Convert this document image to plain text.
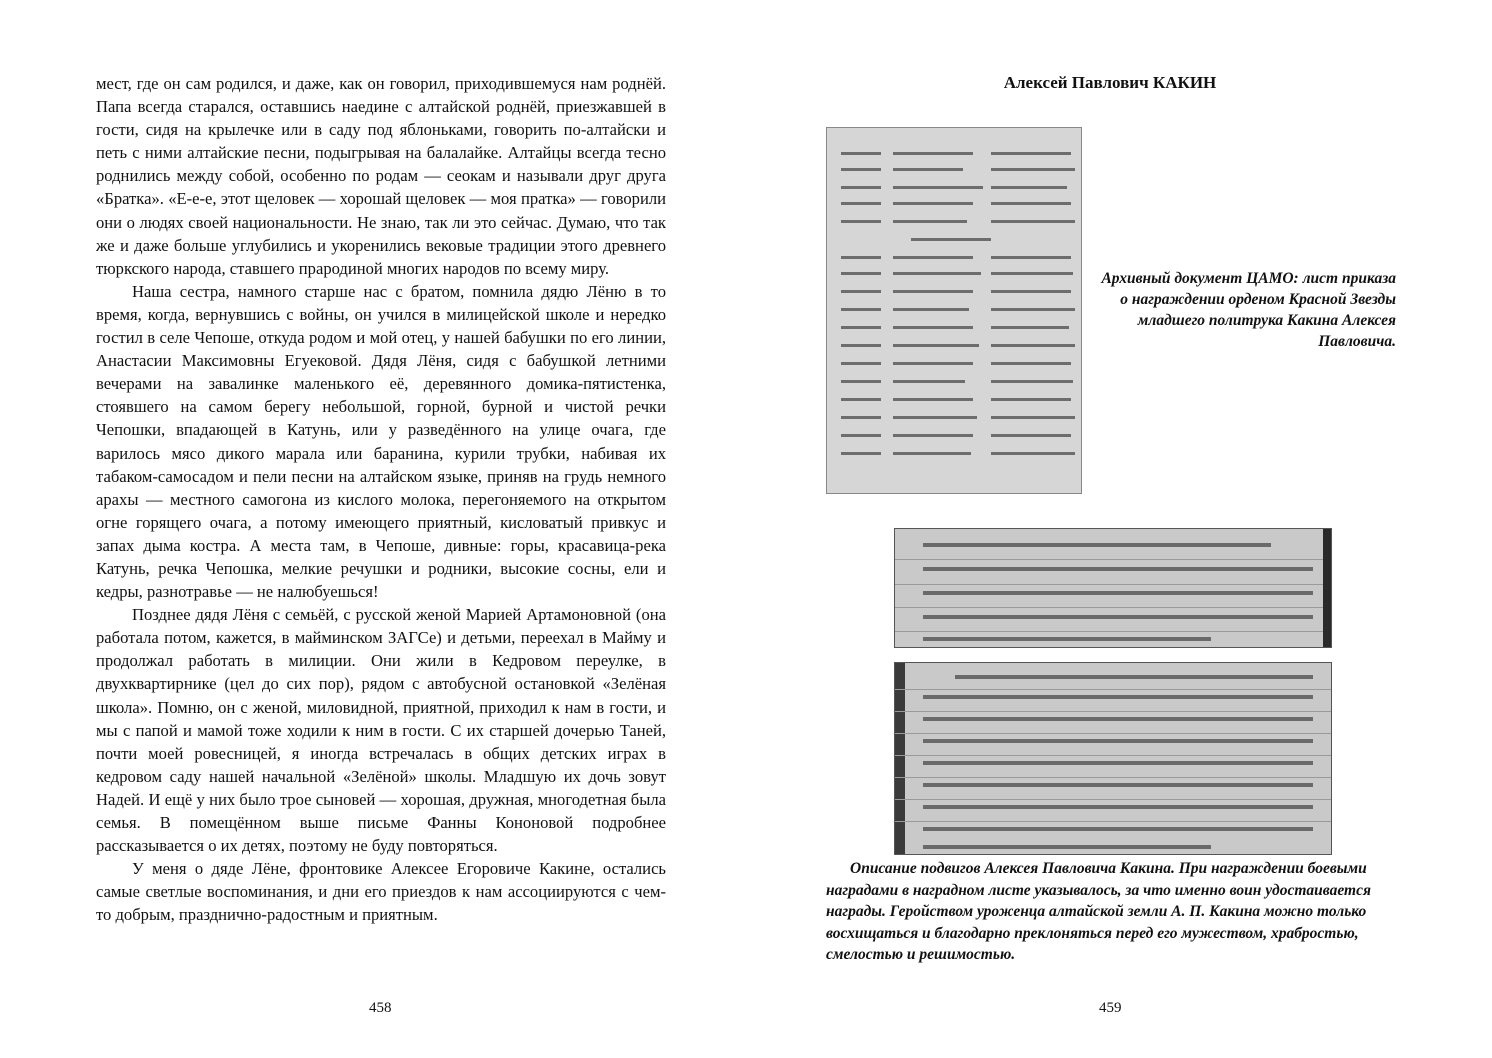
мест, где он сам родился, и даже, как он говорил, приходившемуся нам роднёй. Папа всегда старался, оставшись наедине с алтайской роднёй, приезжавшей в гости, сидя на крылечке или в саду под яблоньками, говорить по-алтайски и петь с ними алтайские песни, подыгрывая на балалайке. Алтайцы всегда тесно роднились между собой, особенно по родам — сеокам и называли друг друга «Братка». «Е-е-е, этот щеловек — хорошай щеловек — моя пратка» — говорили они о людях своей национальности. Не знаю, так ли это сейчас. Думаю, что так же и даже больше углубились и укоренились вековые традиции этого древнего тюркского народа, ставшего прародиной многих народов по всему миру.

Наша сестра, намного старше нас с братом, помнила дядю Лёню в то время, когда, вернувшись с войны, он учился в милицейской школе и нередко гостил в селе Чепоше, откуда родом и мой отец, у нашей бабушки по его линии, Анастасии Максимовны Егуековой. Дядя Лёня, сидя с бабушкой летними вечерами на завалинке маленького её, деревянного домика-пятистенка, стоявшего на самом берегу небольшой, горной, бурной и чистой речки Чепошки, впадающей в Катунь, или у разведённого на улице очага, где варилось мясо дикого марала или баранина, курили трубки, набивая их табаком-самосадом и пели песни на алтайском языке, приняв на грудь немного араxы — местного самогона из кислого молока, перегоняемого на открытом огне горящего очага, а потому имеющего приятный, кисловатый привкус и запах дыма костра. А места там, в Чепоше, дивные: горы, красавица-река Катунь, речка Чепошка, мелкие речушки и родники, высокие сосны, ели и кедры, разнотравье — не налюбуешься!

Позднее дядя Лёня с семьёй, с русской женой Марией Артамоновной (она работала потом, кажется, в майминском ЗАГСе) и детьми, переехал в Майму и продолжал работать в милиции. Они жили в Кедровом переулке, в двухквартирнике (цел до сих пор), рядом с автобусной остановкой «Зелёная школа». Помню, он с женой, миловидной, приятной, приходил к нам в гости, и мы с папой и мамой тоже ходили к ним в гости. С их старшей дочерью Таней, почти моей ровесницей, я иногда встречалась в общих детских играх в кедровом саду нашей начальной «Зелёной» школы. Младшую их дочь зовут Надей. И ещё у них было трое сыновей — хорошая, дружная, многодетная была семья. В помещённом выше письме Фанны Кононовой подробнее рассказывается о их детях, поэтому не буду повторяться.

У меня о дяде Лёне, фронтовике Алексее Егоровиче Какине, остались самые светлые воспоминания, и дни его приездов к нам ассоциируются с чем-то добрым, празднично-радостным и приятным.

458
Алексей Павлович КАКИН
Архивный документ ЦАМО: лист приказа о награждении орденом Красной Звезды младшего политрука Какина Алексея Павловича.
Описание подвигов Алексея Павловича Какина. При награждении боевыми наградами в наградном листе указывалось, за что именно воин удостаивается награды. Геройством уроженца алтайской земли А. П. Какина можно только восхищаться и благодарно преклоняться перед его мужеством, храбростью, смелостью и решимостью.
459
